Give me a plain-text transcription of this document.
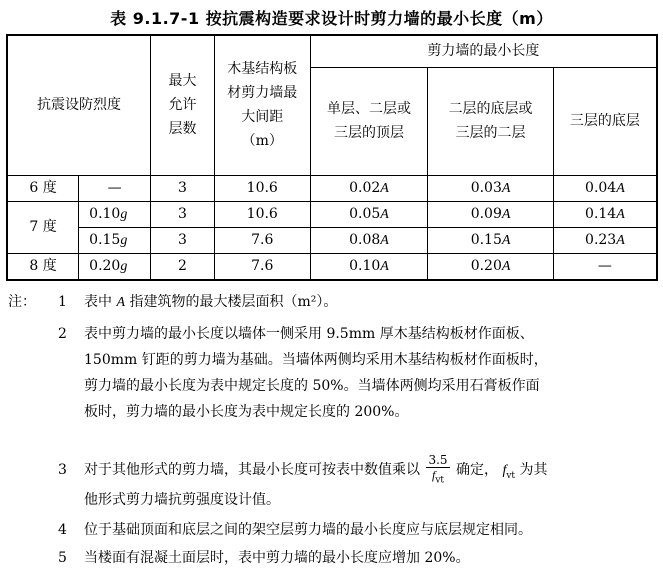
表 9.1.7-1 按抗震构造要求设计时剪力墙的最小长度（m）
抗震设防烈度		最大允许层数	木基结构板材剪力墙最大间距（m）	剪力墙的最小长度		
				单层、二层或三层的顶层	二层的底层或三层的二层	三层的底层
6 度	—	3	10.6	0.02A	0.03A	0.04A
7 度	0.10g	3	10.6	0.05A	0.09A	0.14A
	0.15g	3	7.6	0.08A	0.15A	0.23A
8 度	0.20g	2	7.6	0.10A	0.20A	—
注： 1 表中 A 指建筑物的最大楼层面积（m²）。
2 表中剪力墙的最小长度以墙体一侧采用 9.5mm 厚木基结构板材作面板、
150mm 钉距的剪力墙为基础。当墙体两侧均采用木基结构板材作面板时，
剪力墙的最小长度为表中规定长度的 50%。当墙体两侧均采用石膏板作面
板时，剪力墙的最小长度为表中规定长度的 200%。
3 对于其他形式的剪力墙，其最小长度可按表中数值乘以 $\frac{3.5}{f_{vt}}$ 确定， $f_{vt}$ 为其
他形式剪力墙抗剪强度设计值。
4 位于基础顶面和底层之间的架空层剪力墙的最小长度应与底层规定相同。
5 当楼面有混凝土面层时，表中剪力墙的最小长度应增加 20%。
